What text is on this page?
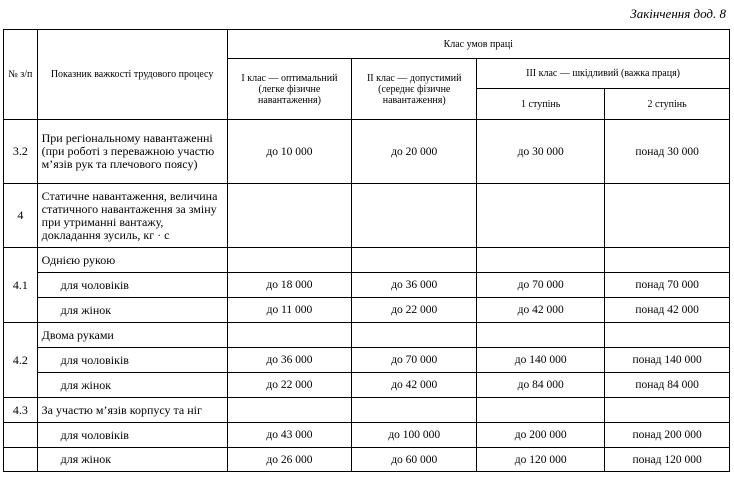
Закінчення дод. 8
№ з/п	Показник важкості трудового процесу	Клас умов праці			
		І клас — оптимальний (легке фізичне навантаження)	ІІ клас — допустимий (середнє фізичне навантаження)	ІІІ клас — шкідливий (важка праця)	
				1 ступінь	2 ступінь
3.2	При регіональному навантаженні (при роботі з переважною участю м’язів рук та плечового поясу)	до 10 000	до 20 000	до 30 000	понад 30 000
4	Статичне навантаження, величина статичного навантаження за зміну при утриманні вантажу, докладання зусиль, кг · с				
4.1	Однією рукою				
	для чоловіків	до 18 000	до 36 000	до 70 000	понад 70 000
	для жінок	до 11 000	до 22 000	до 42 000	понад 42 000
4.2	Двома руками				
	для чоловіків	до 36 000	до 70 000	до 140 000	понад 140 000
	для жінок	до 22 000	до 42 000	до 84 000	понад 84 000
4.3	За участю м’язів корпусу та ніг				
	для чоловіків	до 43 000	до 100 000	до 200 000	понад 200 000
	для жінок	до 26 000	до 60 000	до 120 000	понад 120 000
